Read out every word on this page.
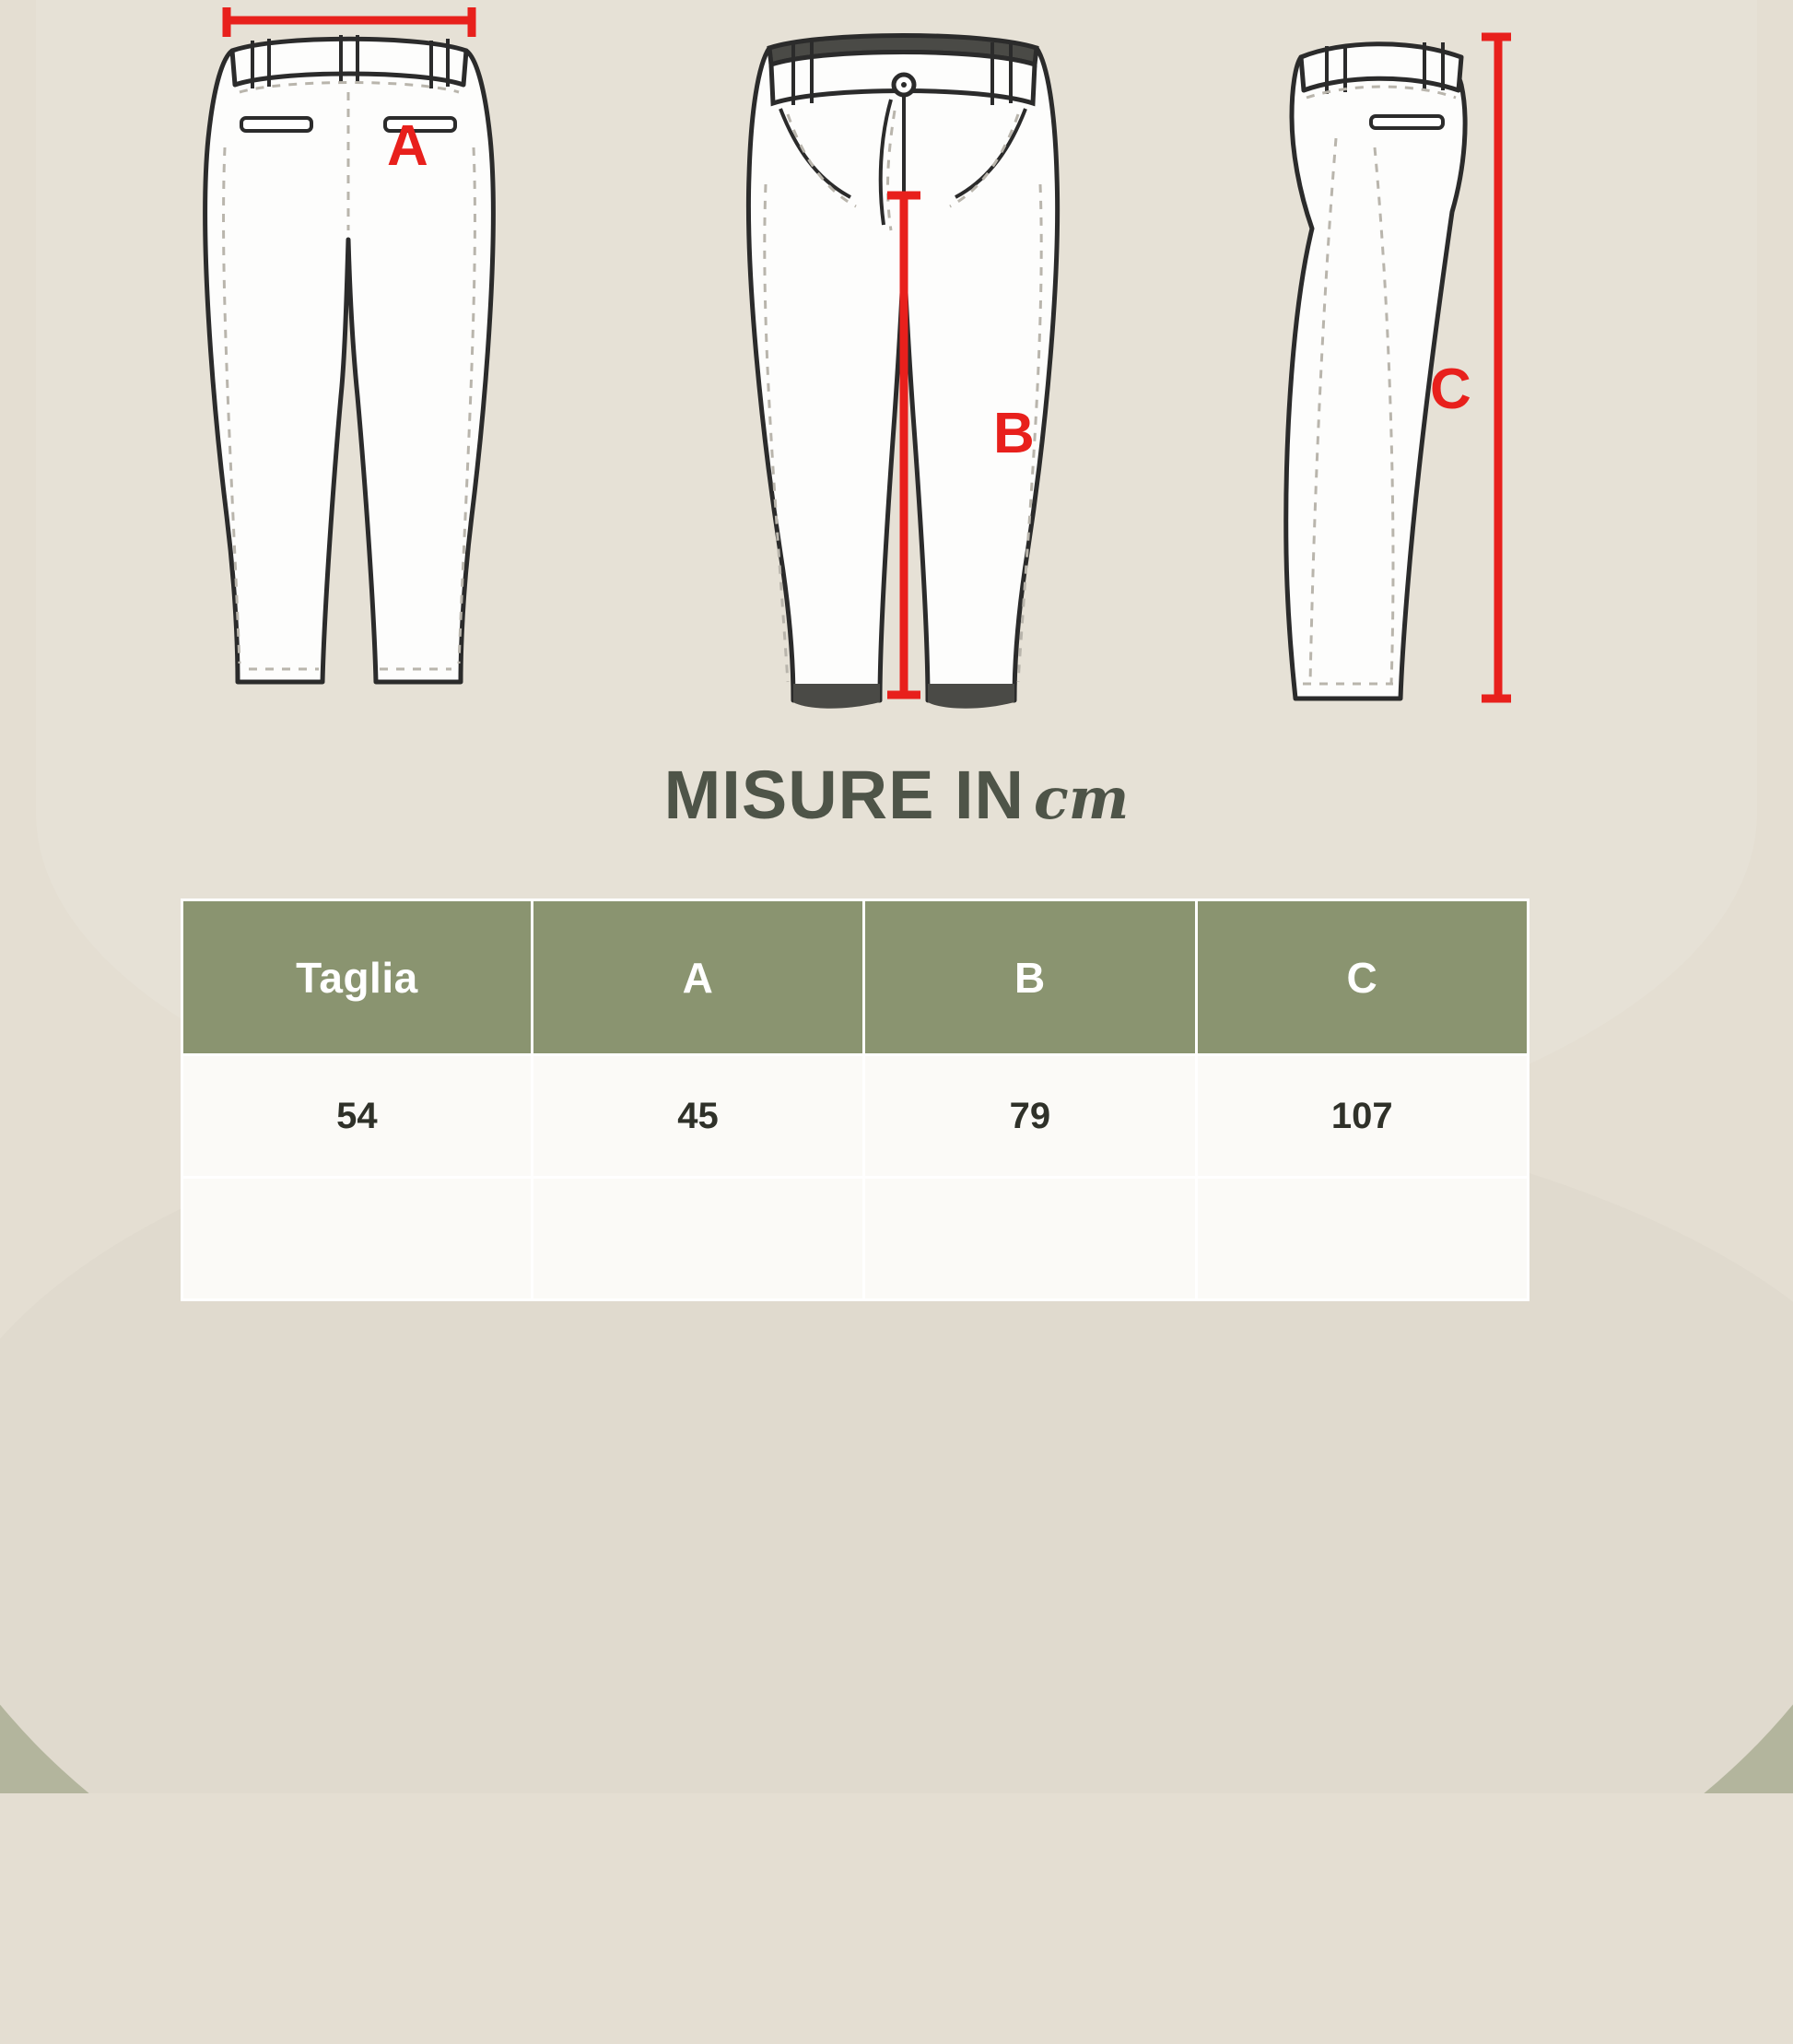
A
B
C
MISURE IN cm
Taglia	A	B	C
54	45	79	107
